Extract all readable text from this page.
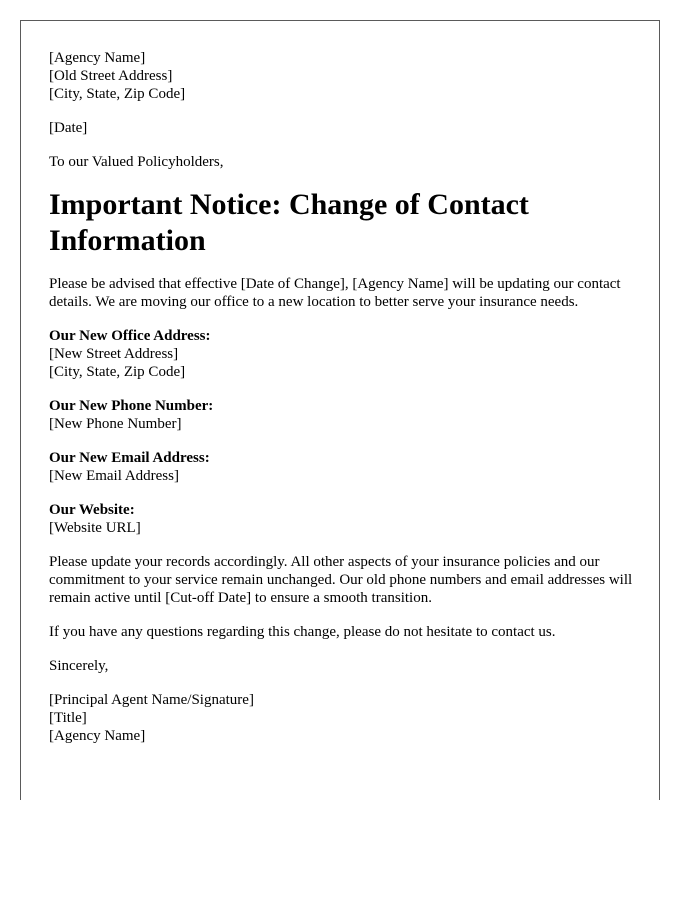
[Agency Name]
[Old Street Address]
[City, State, Zip Code]

[Date]

To our Valued Policyholders,

Important Notice: Change of Contact Information

Please be advised that effective [Date of Change], [Agency Name] will be updating our contact details. We are moving our office to a new location to better serve your insurance needs.

Our New Office Address:
[New Street Address]
[City, State, Zip Code]
Our New Phone Number:
[New Phone Number]
Our New Email Address:
[New Email Address]
Our Website:
[Website URL]

Please update your records accordingly. All other aspects of your insurance policies and our commitment to your service remain unchanged. Our old phone numbers and email addresses will remain active until [Cut-off Date] to ensure a smooth transition.

If you have any questions regarding this change, please do not hesitate to contact us.

Sincerely,

[Principal Agent Name/Signature]
[Title]
[Agency Name]
